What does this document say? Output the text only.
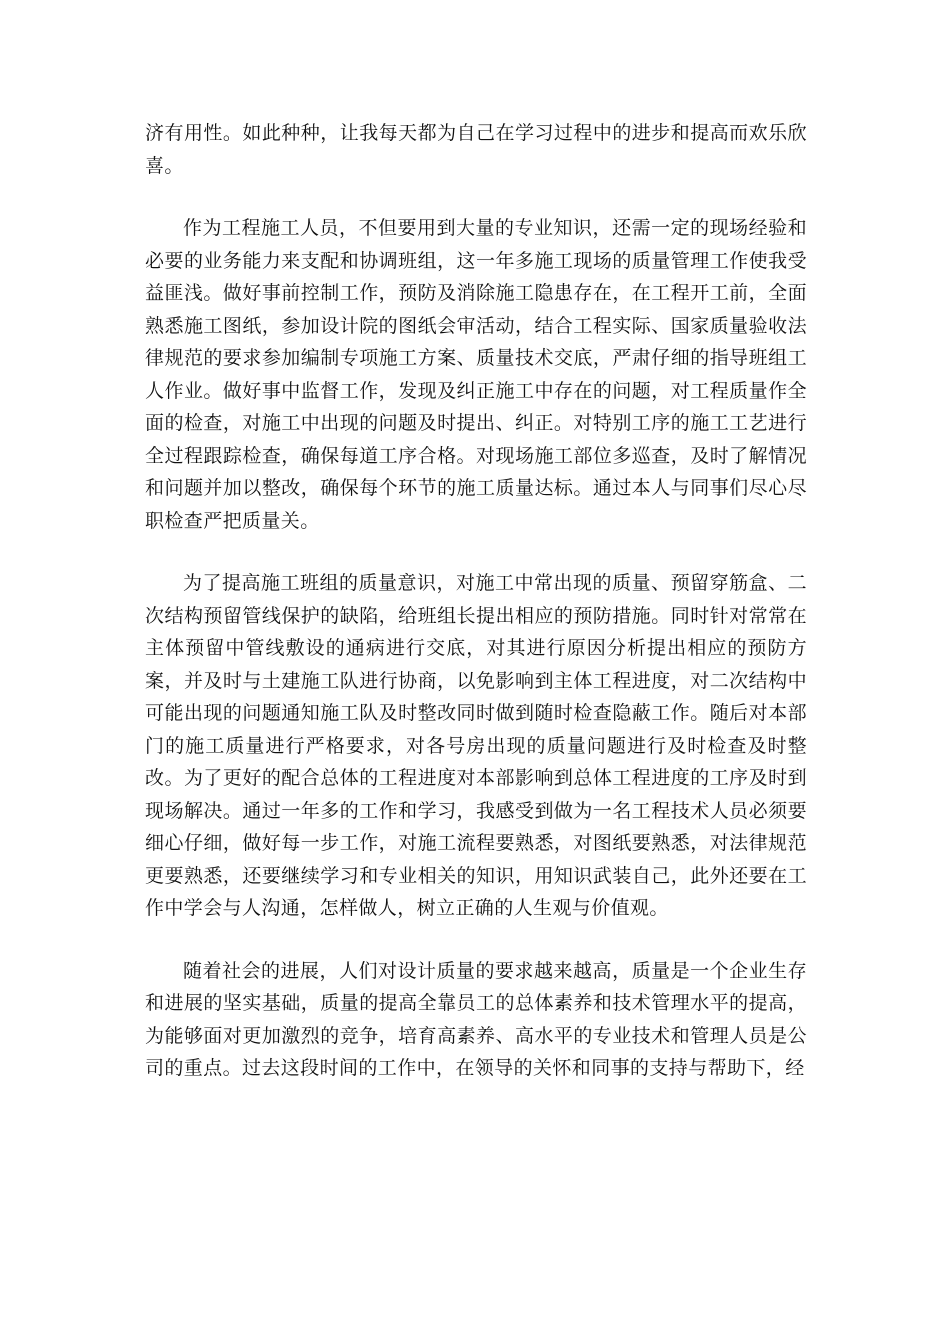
济有用性。如此种种，让我每天都为自己在学习过程中的进步和提高而欢乐欣喜。

作为工程施工人员，不但要用到大量的专业知识，还需一定的现场经验和必要的业务能力来支配和协调班组，这一年多施工现场的质量管理工作使我受益匪浅。做好事前控制工作，预防及消除施工隐患存在，在工程开工前，全面熟悉施工图纸，参加设计院的图纸会审活动，结合工程实际、国家质量验收法律规范的要求参加编制专项施工方案、质量技术交底，严肃仔细的指导班组工人作业。做好事中监督工作，发现及纠正施工中存在的问题，对工程质量作全面的检查，对施工中出现的问题及时提出、纠正。对特别工序的施工工艺进行全过程跟踪检查，确保每道工序合格。对现场施工部位多巡查，及时了解情况和问题并加以整改，确保每个环节的施工质量达标。通过本人与同事们尽心尽职检查严把质量关。

为了提高施工班组的质量意识，对施工中常出现的质量、预留穿筋盒、二次结构预留管线保护的缺陷，给班组长提出相应的预防措施。同时针对常常在主体预留中管线敷设的通病进行交底，对其进行原因分析提出相应的预防方案，并及时与土建施工队进行协商，以免影响到主体工程进度，对二次结构中可能出现的问题通知施工队及时整改同时做到随时检查隐蔽工作。随后对本部门的施工质量进行严格要求，对各号房出现的质量问题进行及时检查及时整改。为了更好的配合总体的工程进度对本部影响到总体工程进度的工序及时到现场解决。通过一年多的工作和学习，我感受到做为一名工程技术人员必须要细心仔细，做好每一步工作，对施工流程要熟悉，对图纸要熟悉，对法律规范更要熟悉，还要继续学习和专业相关的知识，用知识武装自己，此外还要在工作中学会与人沟通，怎样做人，树立正确的人生观与价值观。

随着社会的进展，人们对设计质量的要求越来越高，质量是一个企业生存和进展的坚实基础，质量的提高全靠员工的总体素养和技术管理水平的提高，为能够面对更加激烈的竞争，培育高素养、高水平的专业技术和管理人员是公司的重点。过去这段时间的工作中，在领导的关怀和同事的支持与帮助下，经
